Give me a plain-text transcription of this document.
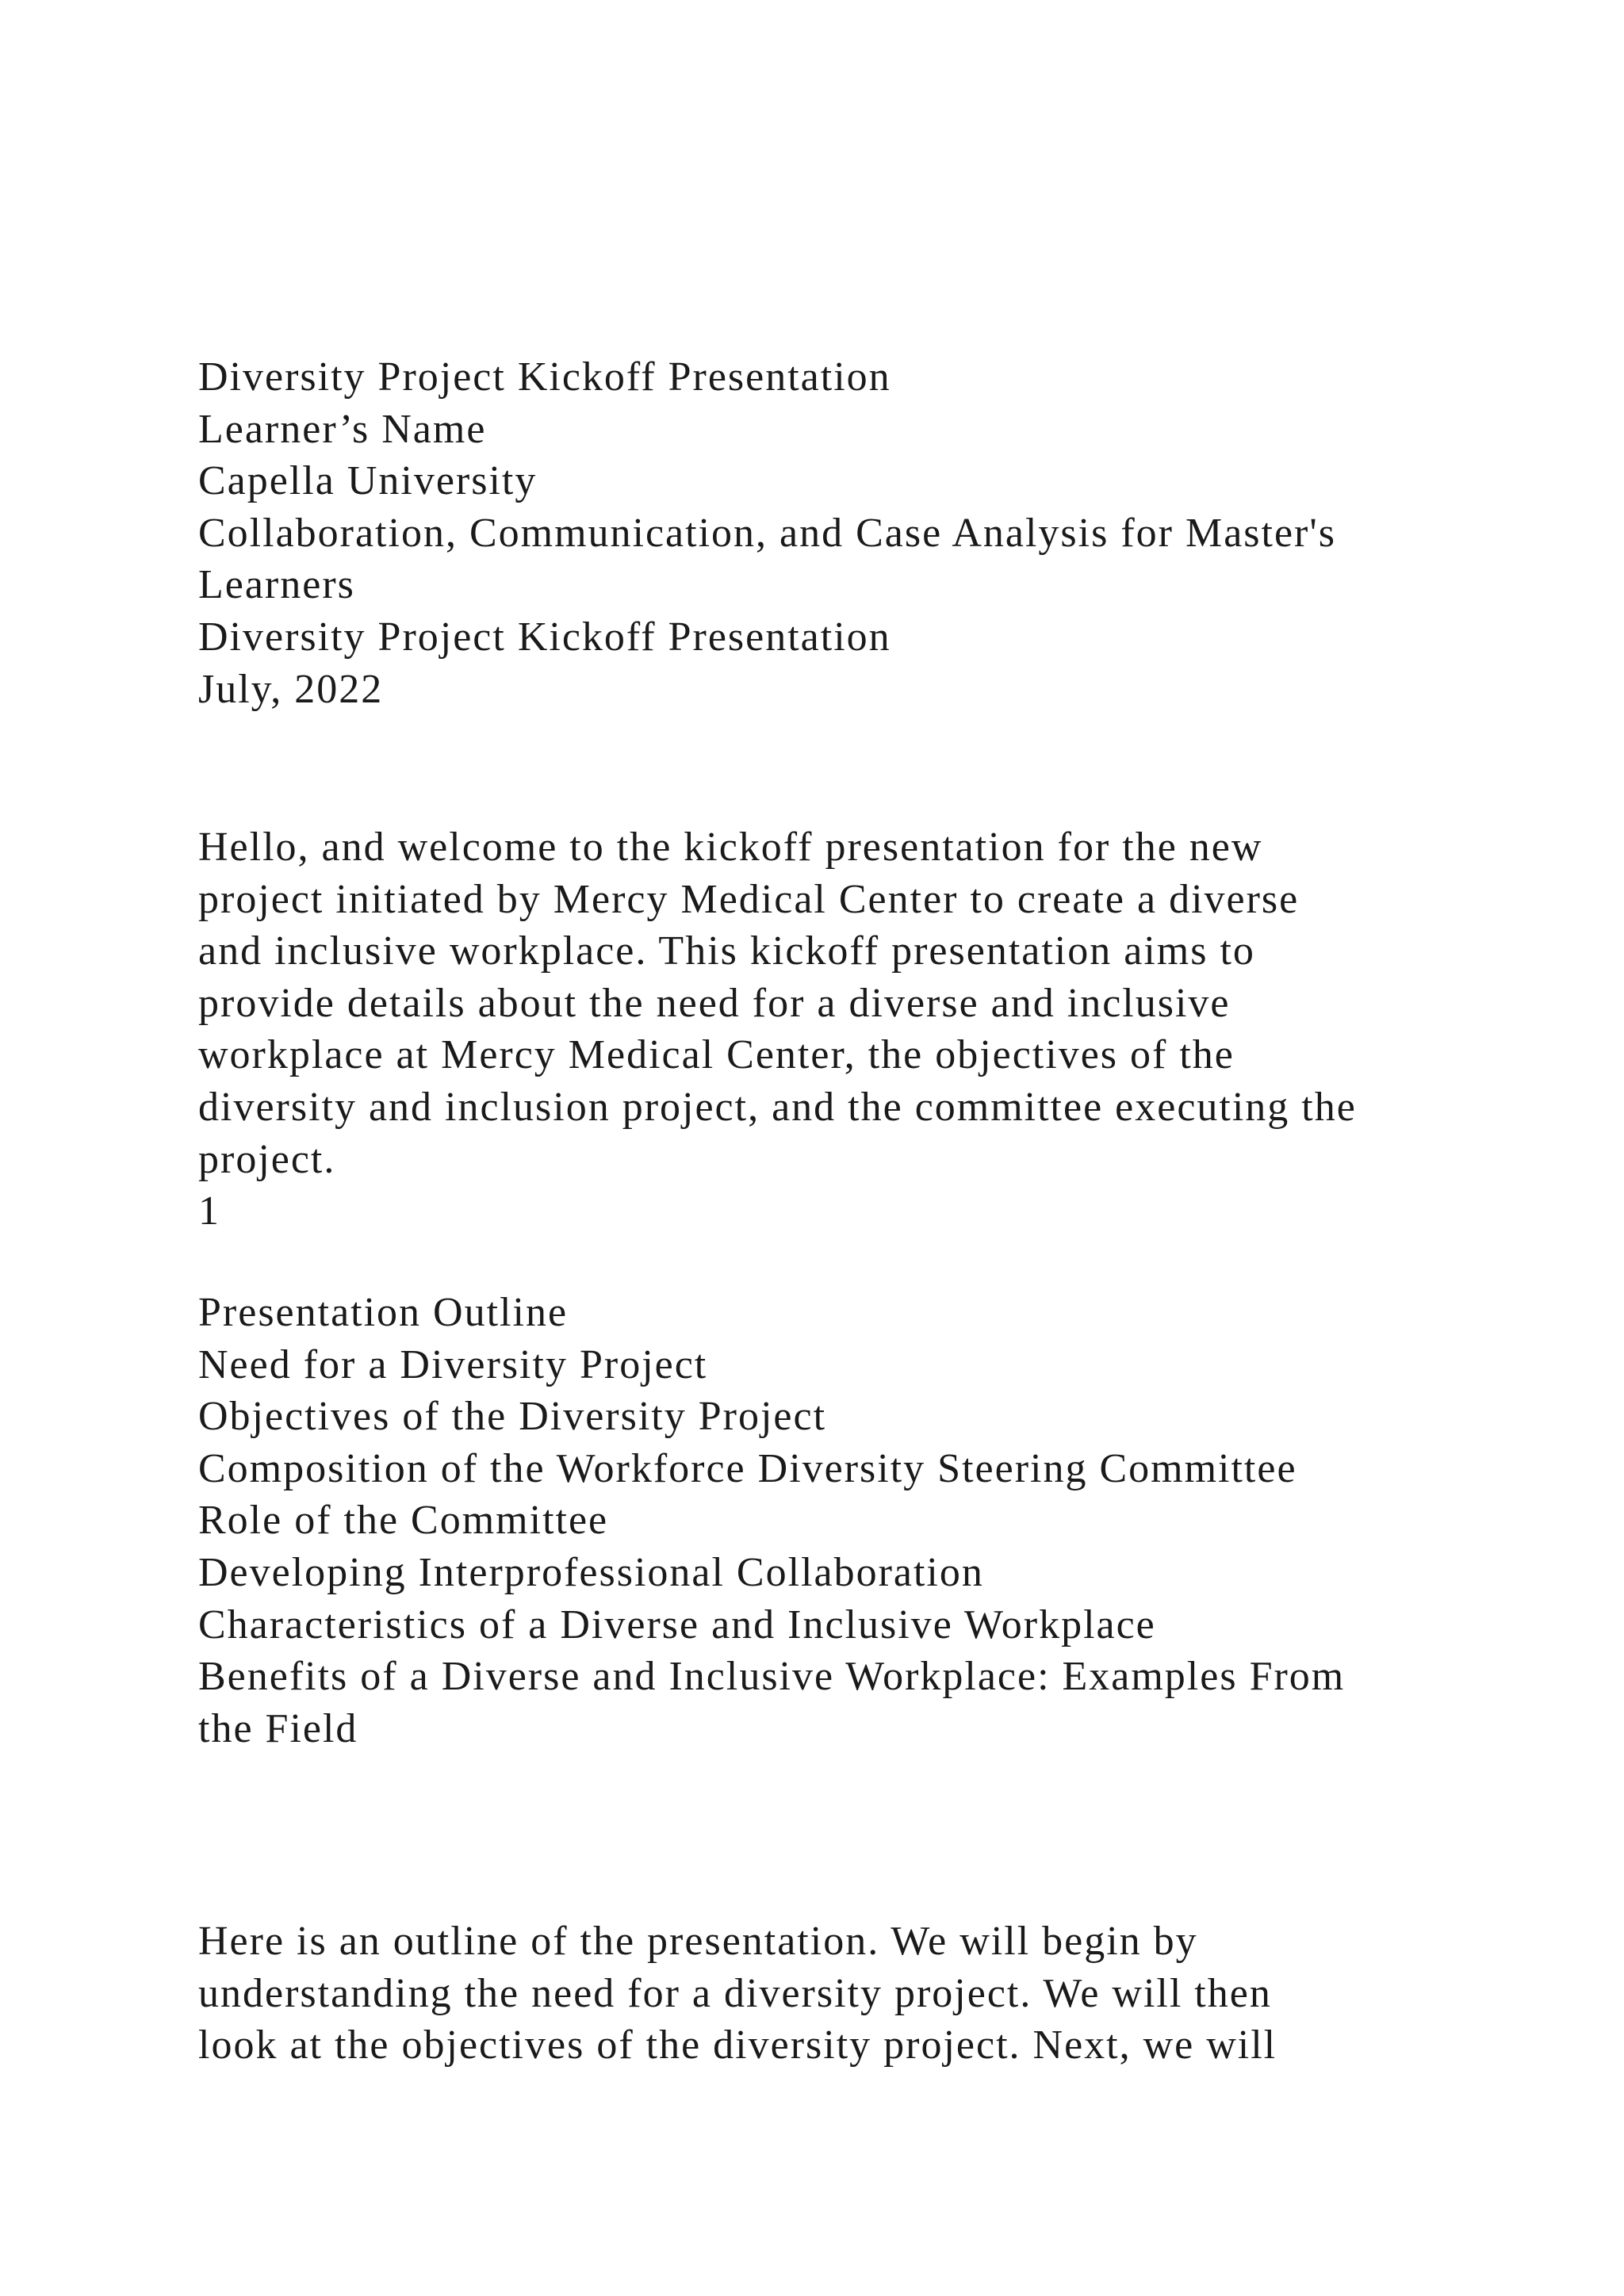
Diversity Project Kickoff Presentation
Learner’s Name
Capella University
Collaboration, Communication, and Case Analysis for Master's
Learners
Diversity Project Kickoff Presentation
July, 2022
Hello, and welcome to the kickoff presentation for the new
project initiated by Mercy Medical Center to create a diverse
and inclusive workplace. This kickoff presentation aims to
provide details about the need for a diverse and inclusive
workplace at Mercy Medical Center, the objectives of the
diversity and inclusion project, and the committee executing the
project.
1
Presentation Outline
Need for a Diversity Project
Objectives of the Diversity Project
Composition of the Workforce Diversity Steering Committee
Role of the Committee
Developing Interprofessional Collaboration
Characteristics of a Diverse and Inclusive Workplace
Benefits of a Diverse and Inclusive Workplace: Examples From
the Field
Here is an outline of the presentation. We will begin by
understanding the need for a diversity project. We will then
look at the objectives of the diversity project. Next, we will
